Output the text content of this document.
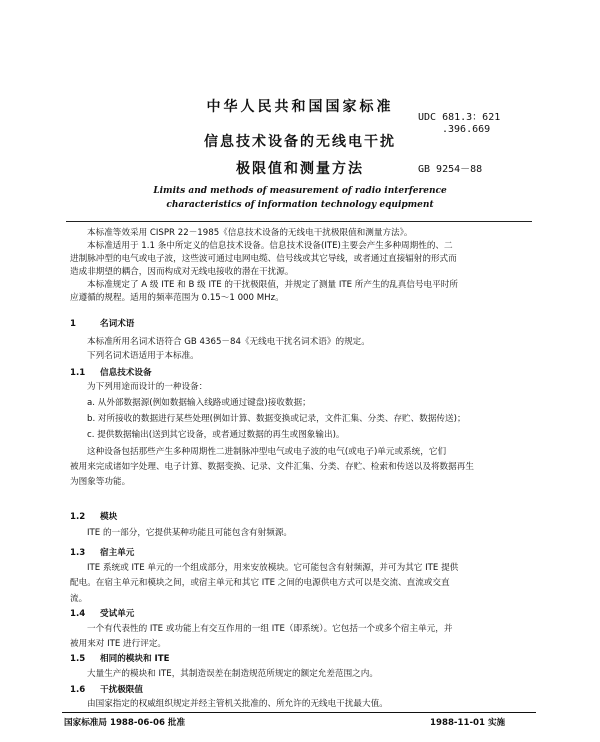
中华人民共和国国家标准
UDC 681.3：621
.396.669
信息技术设备的无线电干扰
极限值和测量方法	GB 9254－88
Limits and methods of measurement of radio interference
characteristics of information technology equipment
本标准等效采用 CISPR 22－1985《信息技术设备的无线电干扰极限值和测量方法》。
本标准适用于 1.1 条中所定义的信息技术设备。信息技术设备(ITE)主要会产生多种周期性的、二
进制脉冲型的电气或电子波，这些波可通过电网电缆、信号线或其它导线，或者通过直接辐射的形式而
造成非期望的耦合，因而构成对无线电接收的潜在干扰源。
本标准规定了 A 级 ITE 和 B 级 ITE 的干扰极限值，并规定了测量 ITE 所产生的乱真信号电平时所
应遵循的规程。适用的频率范围为 0.15～1 000 MHz。
1	名词术语
本标准所用名词术语符合 GB 4365－84《无线电干扰名词术语》的规定。
下列名词术语适用于本标准。
1.1 信息技术设备
为下列用途而设计的一种设备：
a. 从外部数据源(例如数据输入线路或通过键盘)接收数据；
b. 对所接收的数据进行某些处理(例如计算、数据变换或记录，文件汇集、分类、存贮、数据传送)；
c. 提供数据输出(送到其它设备，或者通过数据的再生或图象输出)。
这种设备包括那些产生多种周期性二进制脉冲型电气或电子波的电气(或电子)单元或系统，它们
被用来完成诸如字处理、电子计算、数据变换、记录、文件汇集、分类、存贮、检索和传送以及将数据再生
为图象等功能。
1.2 模块
ITE 的一部分，它提供某种功能且可能包含有射频源。
1.3 宿主单元
ITE 系统或 ITE 单元的一个组成部分，用来安放模块。它可能包含有射频源，并可为其它 ITE 提供
配电。在宿主单元和模块之间，或宿主单元和其它 ITE 之间的电源供电方式可以是交流、直流或交直
流。
1.4 受试单元
一个有代表性的 ITE 或功能上有交互作用的一组 ITE（即系统）。它包括一个或多个宿主单元，并
被用来对 ITE 进行评定。
1.5 相同的模块和 ITE
大量生产的模块和 ITE，其制造误差在制造规范所规定的额定允差范围之内。
1.6 干扰极限值
由国家指定的权威组织规定并经主管机关批准的、所允许的无线电干扰最大值。
国家标准局 1988-06-06 批准	1988-11-01 实施
